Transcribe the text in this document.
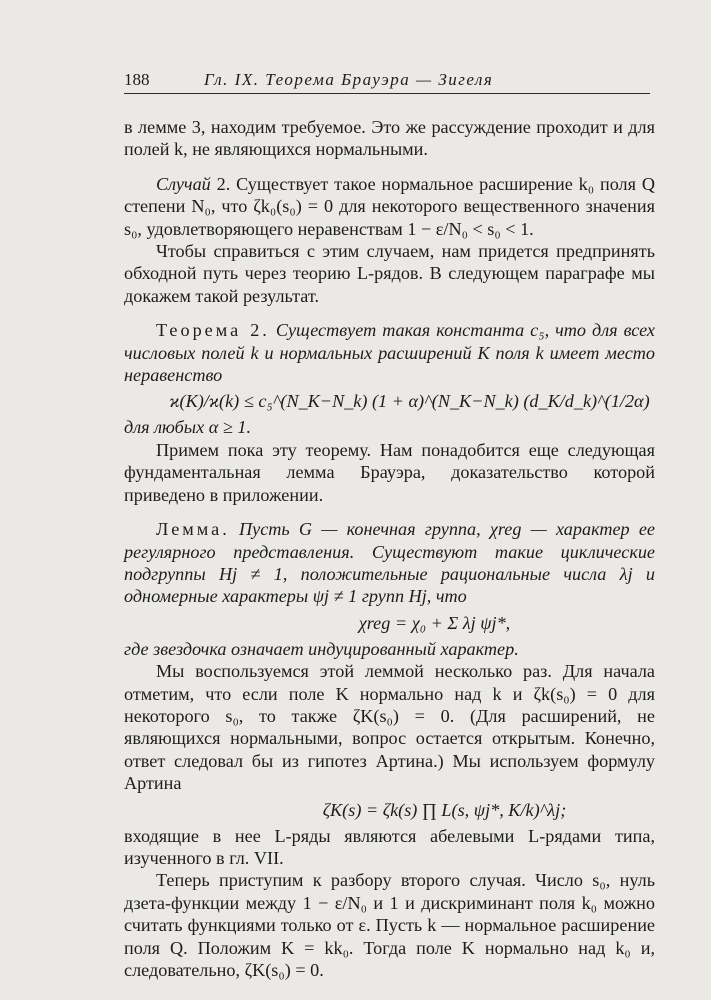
188	Гл. IX. Теорема Брауэра — Зигеля

в лемме 3, находим требуемое. Это же рассуждение проходит и для полей k, не являющихся нормальными.

Случай 2. Существует такое нормальное расширение k₀ поля Q степени N₀, что ζk₀(s₀) = 0 для некоторого вещественного значения s₀, удовлетворяющего неравенствам 1 − ε/N₀ < s₀ < 1.

Чтобы справиться с этим случаем, нам придется предпринять обходной путь через теорию L-рядов. В следующем параграфе мы докажем такой результат.

Теорема 2. Существует такая константа c₅, что для всех числовых полей k и нормальных расширений K поля k имеет место неравенство

ϰ(K)/ϰ(k) ≤ c₅^(N_K−N_k) (1 + α)^(N_K−N_k) (d_K/d_k)^(1/2α)

для любых α ≥ 1.

Примем пока эту теорему. Нам понадобится еще следующая фундаментальная лемма Брауэра, доказательство которой приведено в приложении.

Лемма. Пусть G — конечная группа, χreg — характер ее регулярного представления. Существуют такие циклические подгруппы Hj ≠ 1, положительные рациональные числа λj и одномерные характеры ψj ≠ 1 групп Hj, что

χreg = χ₀ + Σ λj ψj*,

где звездочка означает индуцированный характер.

Мы воспользуемся этой леммой несколько раз. Для начала отметим, что если поле K нормально над k и ζk(s₀) = 0 для некоторого s₀, то также ζK(s₀) = 0. (Для расширений, не являющихся нормальными, вопрос остается открытым. Конечно, ответ следовал бы из гипотез Артина.) Мы используем формулу Артина

ζK(s) = ζk(s) ∏ L(s, ψj*, K/k)^λj;

входящие в нее L-ряды являются абелевыми L-рядами типа, изученного в гл. VII.

Теперь приступим к разбору второго случая. Число s₀, нуль дзета-функции между 1 − ε/N₀ и 1 и дискриминант поля k₀ можно считать функциями только от ε. Пусть k — нормальное расширение поля Q. Положим K = kk₀. Тогда поле K нормально над k₀ и, следовательно, ζK(s₀) = 0.
